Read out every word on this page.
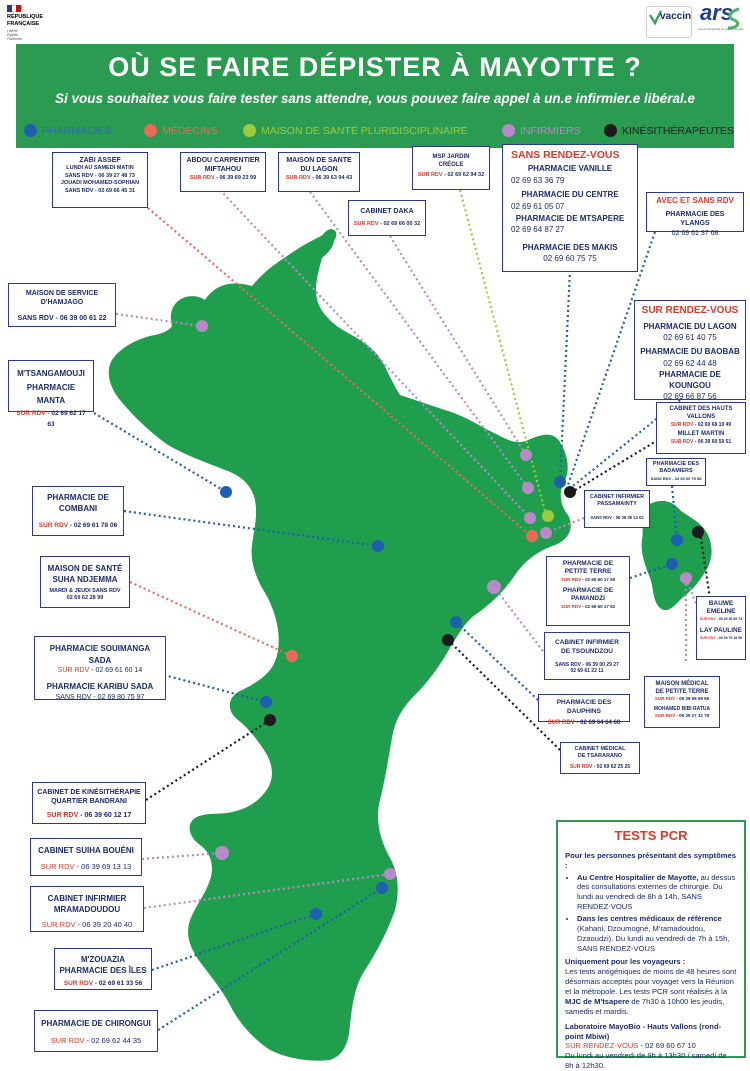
RÉPUBLIQUE
FRANÇAISE
Liberté Égalité Fraternité
vaccin ars
Agence Régionale de Santé Mayotte
OÙ SE FAIRE DÉPISTER À MAYOTTE ?
Si vous souhaitez vous faire tester sans attendre, vous pouvez faire appel à un.e infirmier.e libéral.e
PHARMACIES	MÉDECINS	MAISON DE SANTÉ PLURIDISCIPLINAIRE	INFIRMIERS	KINÉSITHÉRAPEUTES
ZABI ASSEF
LUNDI AU SAMEDI MATIN
SANS RDV - 06 39 27 48 73
JOUADI MOHAMED-SOPHIAN
SANS RDV - 02 69 66 45 31
ABDOU CARPENTIER
MIFTAHOU
SUR RDV - 06 39 69 23 99
MAISON DE SANTE
DU LAGON
SUR RDV - 06 39 63 94 43
CABINET DAKA
SUR RDV - 02 69 66 00 32
MSP JARDIN
CRÉOLE
SUR RDV - 02 69 62 94 32
SANS RENDEZ-VOUS
PHARMACIE VANILLE
02 69 63 36 79
PHARMACIE DU CENTRE
02 69 61 05 07
PHARMACIE DE MTSAPERE
02 69 64 87 27
PHARMACIE DES MAKIS
02 69 60 75 75
AVEC ET SANS RDV
PHARMACIE DES YLANGS
02 69 61 37 68
SUR RENDEZ-VOUS
PHARMACIE DU LAGON
02 69 61 40 75
PHARMACIE DU BAOBAB
02 69 62 44 48
PHARMACIE DE KOUNGOU
02 69 66 87 56
MAISON DE SERVICE
D'HAMJAGO
SANS RDV - 06 39 00 61 22
M'TSANGAMOUJI
PHARMACIE MANTA
SUR RDV - 02 69 62 17 63
CABINET DES HAUTS
VALLONS
SUR RDV - 02 69 68 19 49
MILLET MARTIN
SUR RDV - 06 39 69 59 51
PHARMACIE DES
BADAMIERS
SANS RDV - 02 69 60 75 58
CABINET INFIRMIER
PASSAMAINTY
SANS RDV - 06 39 39 13 02
PHARMACIE DE
COMBANI
SUR RDV - 02 69 61 78 06
MAISON DE SANTÉ
SUHA NDJEMMA
MARDI & JEUDI SANS RDV
02 69 62 28 99
PHARMACIE DE
PETITE TERRE
SUR RDV - 02 69 60 17 69
PHARMACIE DE
PAMANDZI
SUR RDV - 02 69 60 17 82	BAUWE
EMELINE
SUR RDV - 06 39 26 85 74
LAY PAULINE
SUR RDV - 06 39 79 18 56
PHARMACIE SOUIMANGA SADA
SUR RDV - 02 69 61 60 14
PHARMACIE KARIBU SADA
SANS RDV - 02 69 80 75 97
CABINET INFIRMIER
DE TSOUNDZOU
SANS RDV - 06 39 00 29 27
02 69 61 22 11
MAISON MÉDICAL
DE PETITE TERRE
SUR RDV - 06 39 69 09 96
MOHAMED BIBI RATUA
SUR RDV - 06 39 27 32 78
PHARMACIE DES DAUPHINS
SUR RDV - 02 69 64 64 60
CABINET MÉDICAL
DE TSARARANO
SUR RDV - 02 69 62 25 25
CABINET DE KINÉSITHÉRAPIE
QUARTIER BANDRANI
SUR RDV - 06 39 60 12 17
CABINET SUIHA BOUÉNI
SUR RDV - 06 39 69 13 13
CABINET INFIRMIER
MRAMADOUDOU
SUR RDV - 06 39 20 40 40
M'ZOUAZIA
PHARMACIE DES ÎLES
SUR RDV - 02 69 61 33 56
PHARMACIE DE CHIRONGUI
SUR RDV - 02 69 62 44 35
TESTS PCR
Pour les personnes présentant des symptômes :
• Au Centre Hospitalier de Mayotte, au dessus des consultations externes de chirurgie. Du lundi au vendredi de 8h à 14h, SANS RENDEZ-VOUS
• Dans les centres médicaux de référence (Kahani, Dzoumogné, M'ramadoudou, Dzaoudzi). Du lundi au vendredi de 7h à 15h, SANS RENDEZ-VOUS
Uniquement pour les voyageurs :
Les tests antigéniques de moins de 48 heures sont désormais acceptés pour voyager vers la Réunion et la métropole. Les tests PCR sont réalisés à la MJC de M'tsapere de 7h30 à 10h00 les jeudis, samedis et mardis.
Laboratoire MayoBio - Hauts Vallons (rond-point Mbiwi)
SUR RENDEZ-VOUS - 02 69 60 67 10
Du lundi au vendredi de 9h à 13h30 / samedi de 8h à 12h30.
